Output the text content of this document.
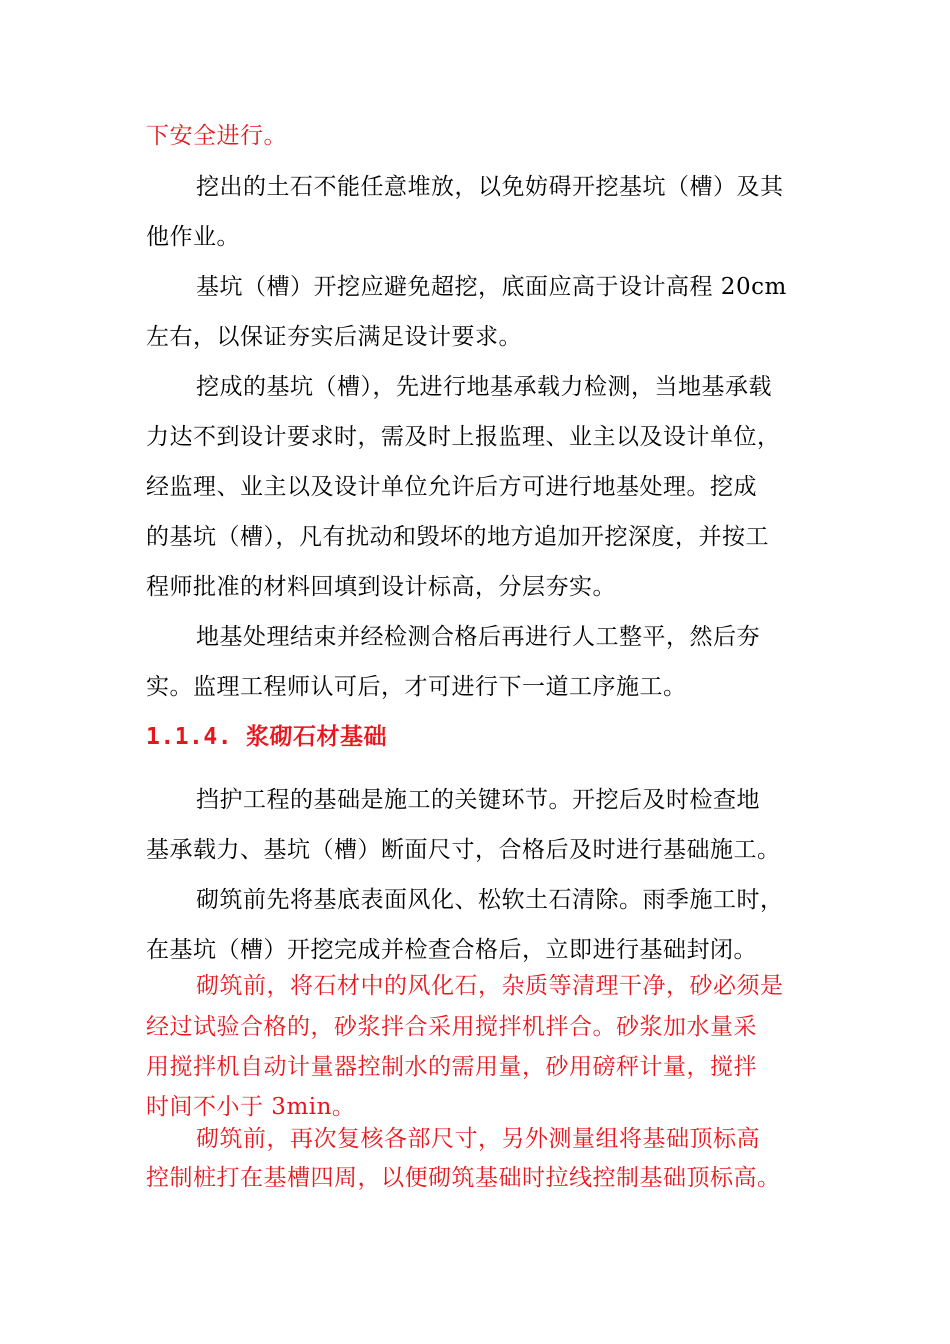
下安全进行。
挖出的土石不能任意堆放，以免妨碍开挖基坑（槽）及其
他作业。
基坑（槽）开挖应避免超挖，底面应高于设计高程 20cm
左右，以保证夯实后满足设计要求。
挖成的基坑（槽），先进行地基承载力检测，当地基承载
力达不到设计要求时，需及时上报监理、业主以及设计单位，
经监理、业主以及设计单位允许后方可进行地基处理。挖成
的基坑（槽），凡有扰动和毁坏的地方追加开挖深度，并按工
程师批准的材料回填到设计标高，分层夯实。
地基处理结束并经检测合格后再进行人工整平，然后夯
实。监理工程师认可后，才可进行下一道工序施工。
1.1.4. 浆砌石材基础
挡护工程的基础是施工的关键环节。开挖后及时检查地
基承载力、基坑（槽）断面尺寸，合格后及时进行基础施工。
砌筑前先将基底表面风化、松软土石清除。雨季施工时，
在基坑（槽）开挖完成并检查合格后，立即进行基础封闭。
砌筑前，将石材中的风化石，杂质等清理干净，砂必须是
经过试验合格的，砂浆拌合采用搅拌机拌合。砂浆加水量采
用搅拌机自动计量器控制水的需用量，砂用磅秤计量，搅拌
时间不小于 3min。
砌筑前，再次复核各部尺寸，另外测量组将基础顶标高
控制桩打在基槽四周，以便砌筑基础时拉线控制基础顶标高。
